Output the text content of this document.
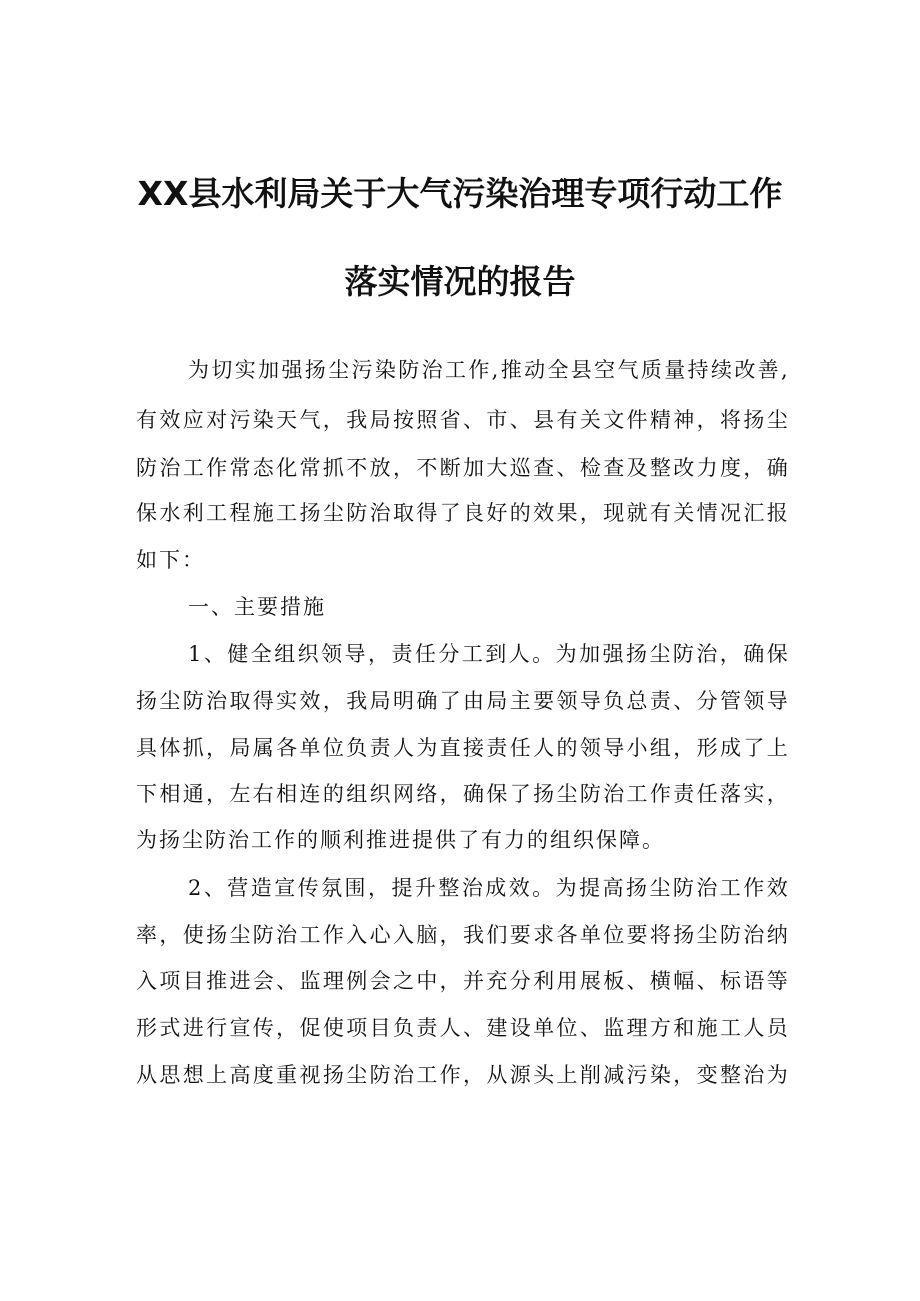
XX县水利局关于大气污染治理专项行动工作
落实情况的报告
为 切 实 加 强 扬 尘 污 染 防 治 工 作 , 推 动 全 县 空 气 质 量 持 续 改 善 ,
有 效 应 对 污 染 天 气 ， 我 局 按 照 省 、 市 、 县 有 关 文 件 精 神 ， 将 扬 尘
防 治 工 作 常 态 化 常 抓 不 放 ， 不 断 加 大 巡 查 、 检 查 及 整 改 力 度 ， 确
保 水 利 工 程 施 工 扬 尘 防 治 取 得 了 良 好 的 效 果 ， 现 就 有 关 情 况 汇 报
如下：
一、主要措施
1 、 健 全 组 织 领 导 ， 责 任 分 工 到 人 。 为 加 强 扬 尘 防 治 ， 确 保
扬 尘 防 治 取 得 实 效 ， 我 局 明 确 了 由 局 主 要 领 导 负 总 责 、 分 管 领 导
具 体 抓 ， 局 属 各 单 位 负 责 人 为 直 接 责 任 人 的 领 导 小 组 ， 形 成 了 上
下 相 通 ， 左 右 相 连 的 组 织 网 络 ， 确 保 了 扬 尘 防 治 工 作 责 任 落 实 ，
为扬尘防治工作的顺利推进提供了有力的组织保障。
2 、 营 造 宣 传 氛 围 ， 提 升 整 治 成 效 。 为 提 高 扬 尘 防 治 工 作 效
率 ， 使 扬 尘 防 治 工 作 入 心 入 脑 ， 我 们 要 求 各 单 位 要 将 扬 尘 防 治 纳
入 项 目 推 进 会 、 监 理 例 会 之 中 ， 并 充 分 利 用 展 板 、 横 幅 、 标 语 等
形 式 进 行 宣 传 ， 促 使 项 目 负 责 人 、 建 设 单 位 、 监 理 方 和 施 工 人 员
从 思 想 上 高 度 重 视 扬 尘 防 治 工 作 ， 从 源 头 上 削 减 污 染 ， 变 整 治 为
